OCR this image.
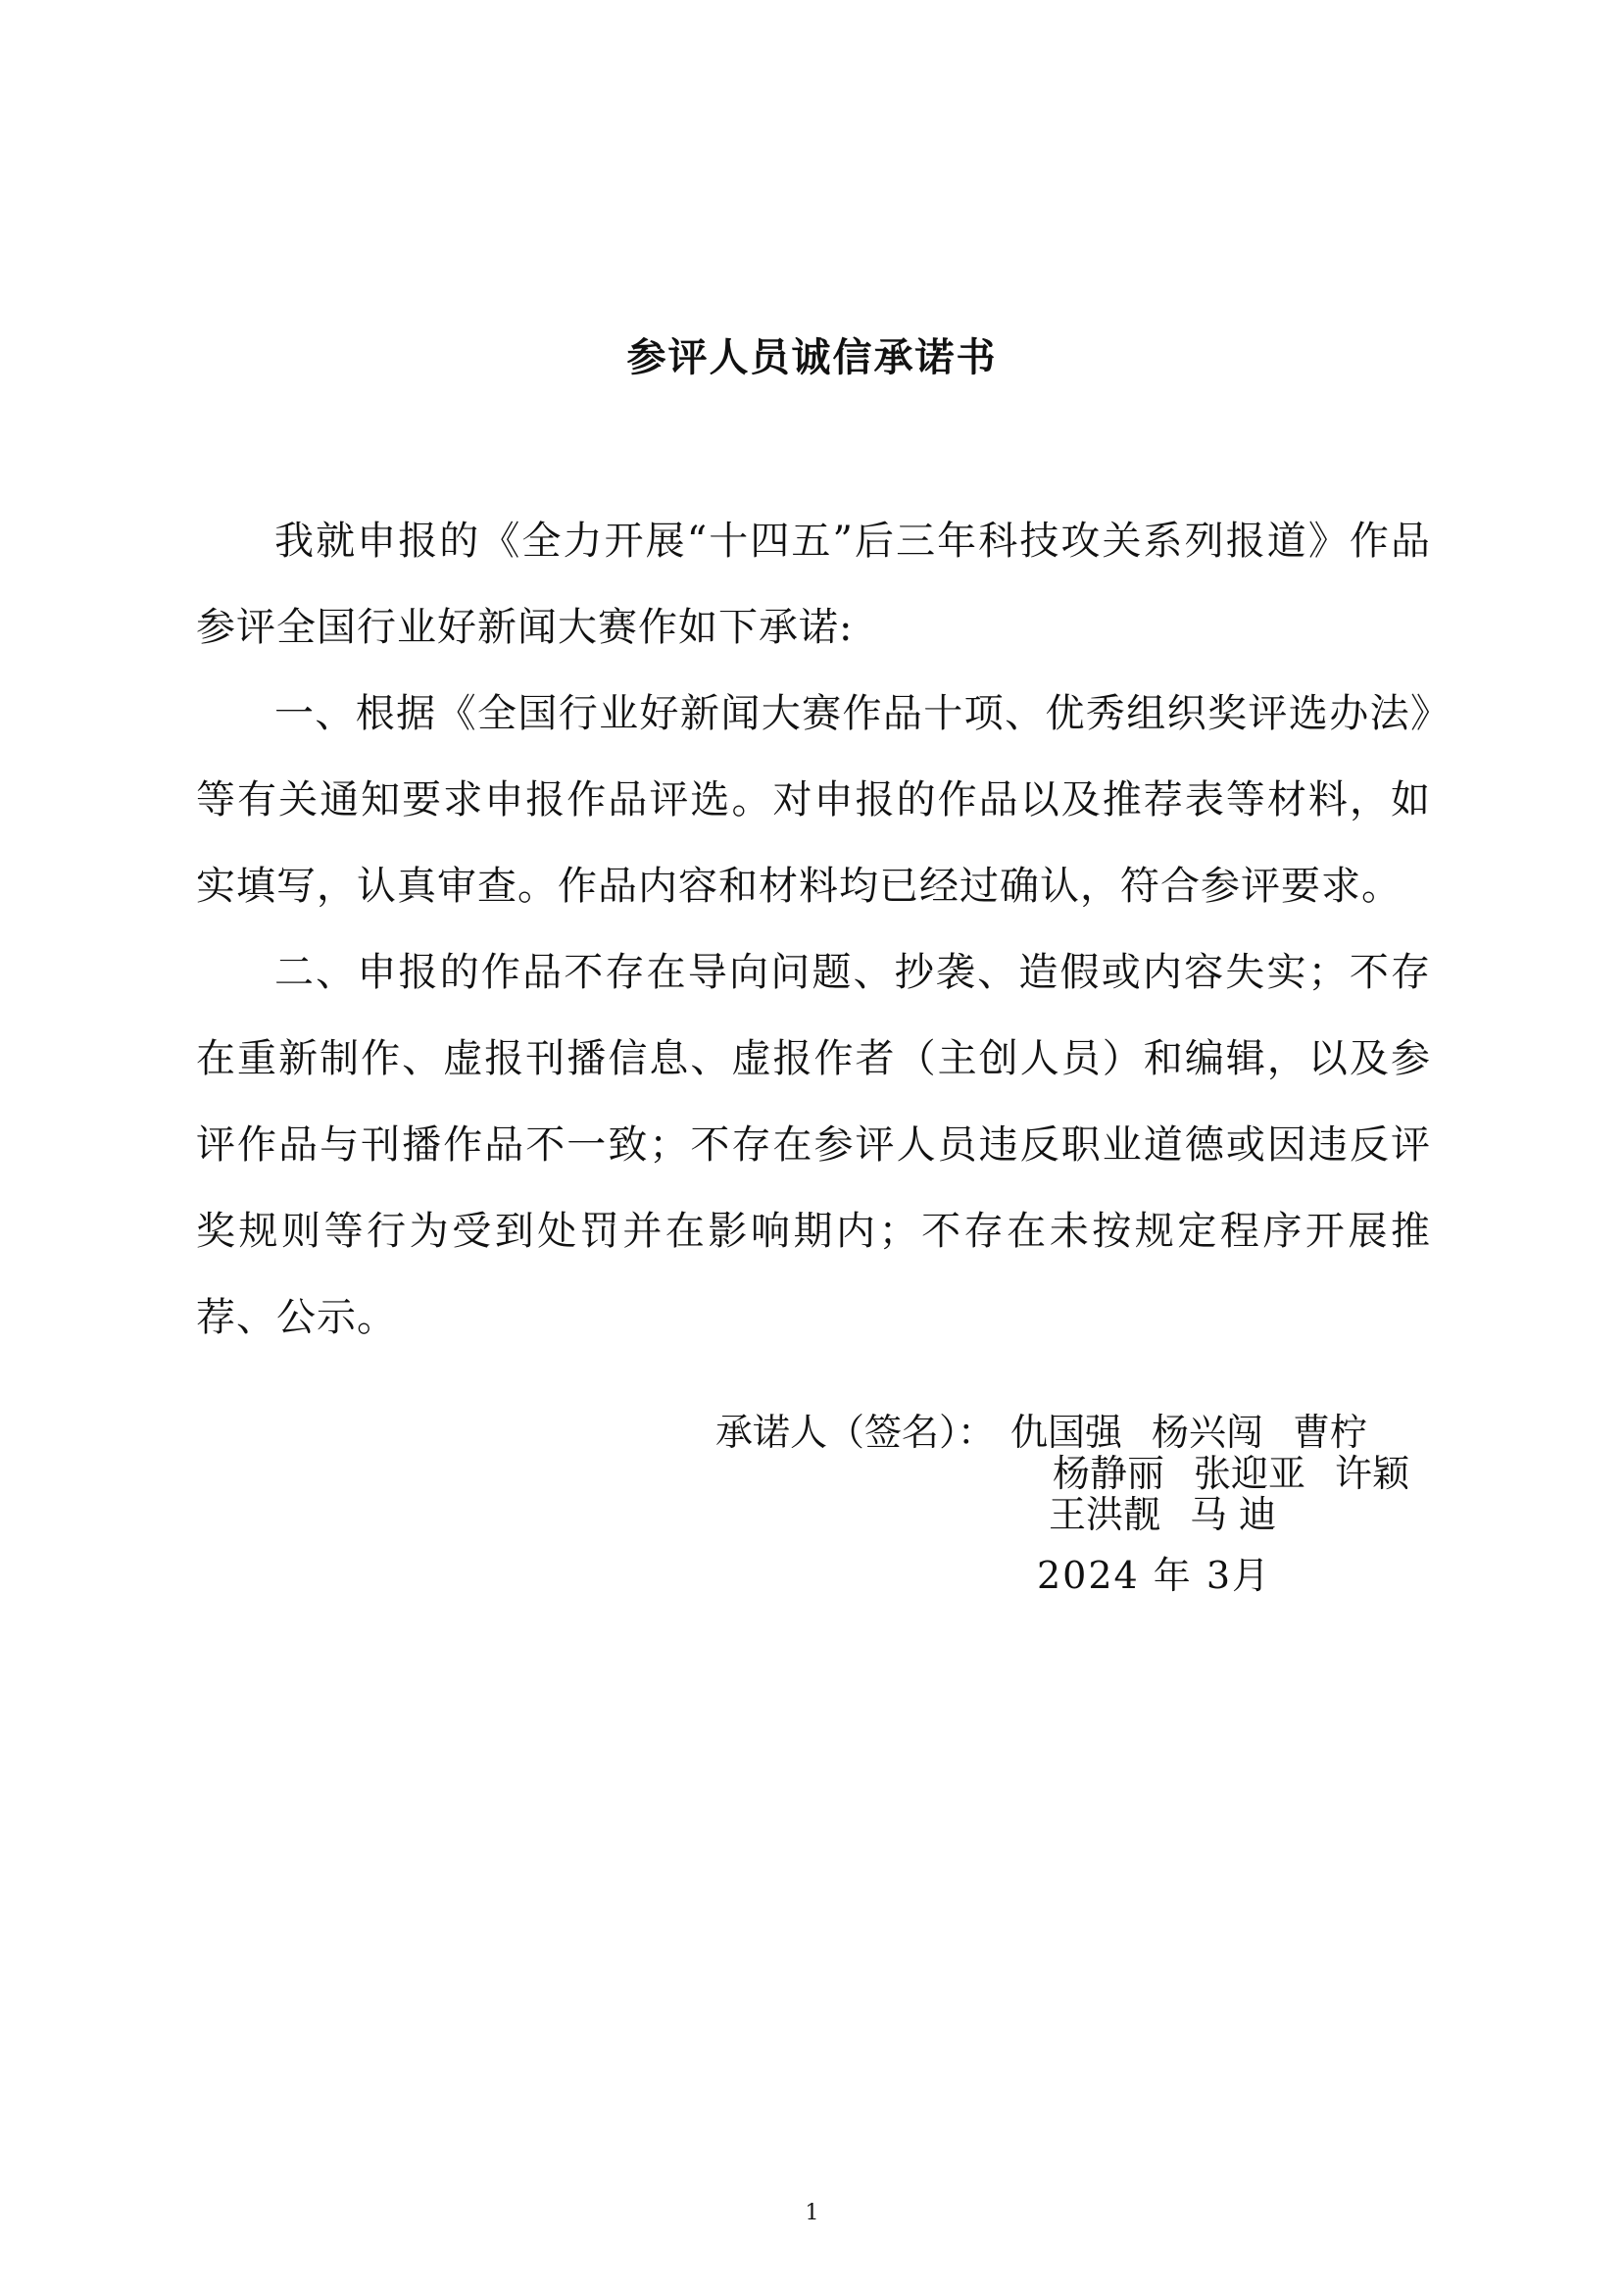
参评人员诚信承诺书

我就申报的《全力开展“十四五”后三年科技攻关系列报道》作品参评全国行业好新闻大赛作如下承诺:

一、根据《全国行业好新闻大赛作品十项、优秀组织奖评选办法》等有关通知要求申报作品评选。对申报的作品以及推荐表等材料，如实填写，认真审查。作品内容和材料均已经过确认，符合参评要求。

二、申报的作品不存在导向问题、抄袭、造假或内容失实；不存在重新制作、虚报刊播信息、虚报作者（主创人员）和编辑，以及参评作品与刊播作品不一致；不存在参评人员违反职业道德或因违反评奖规则等行为受到处罚并在影响期内；不存在未按规定程序开展推荐、公示。

承诺人（签名）： 仇国强 杨兴闯 曹柠
杨静丽 张迎亚 许颖
王洪靓 马 迪
2024 年 3月
1
